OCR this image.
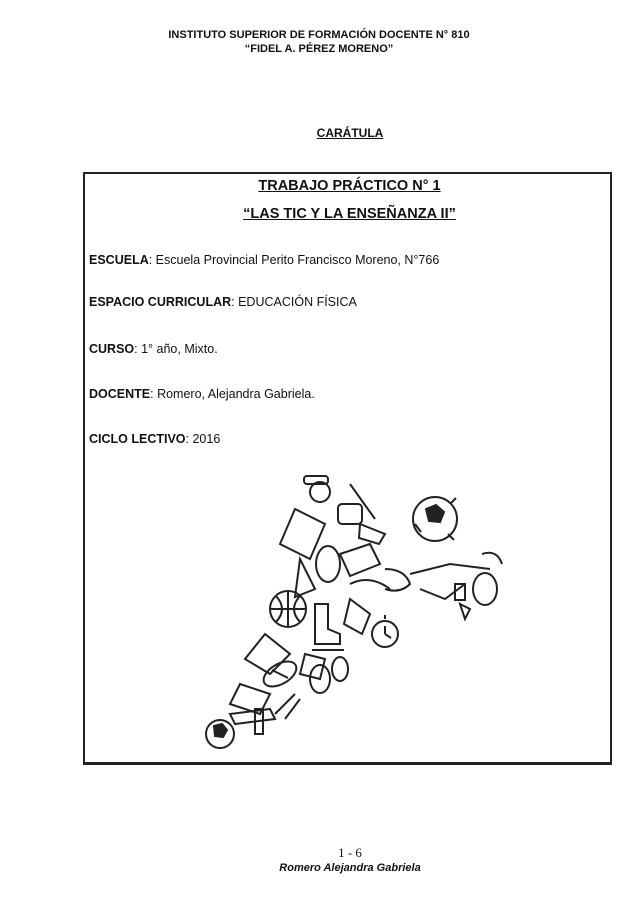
INSTITUTO SUPERIOR DE FORMACIÓN DOCENTE N° 810
“FIDEL A. PÉREZ MORENO”
CARÁTULA
TRABAJO PRÁCTICO N° 1
“LAS TIC Y LA ENSEÑANZA II”
ESCUELA: Escuela Provincial Perito Francisco Moreno, N°766
ESPACIO CURRICULAR: EDUCACIÓN FÍSICA
CURSO: 1° año, Mixto.
DOCENTE: Romero, Alejandra Gabriela.
CICLO LECTIVO: 2016
1 - 6
Romero Alejandra Gabriela
